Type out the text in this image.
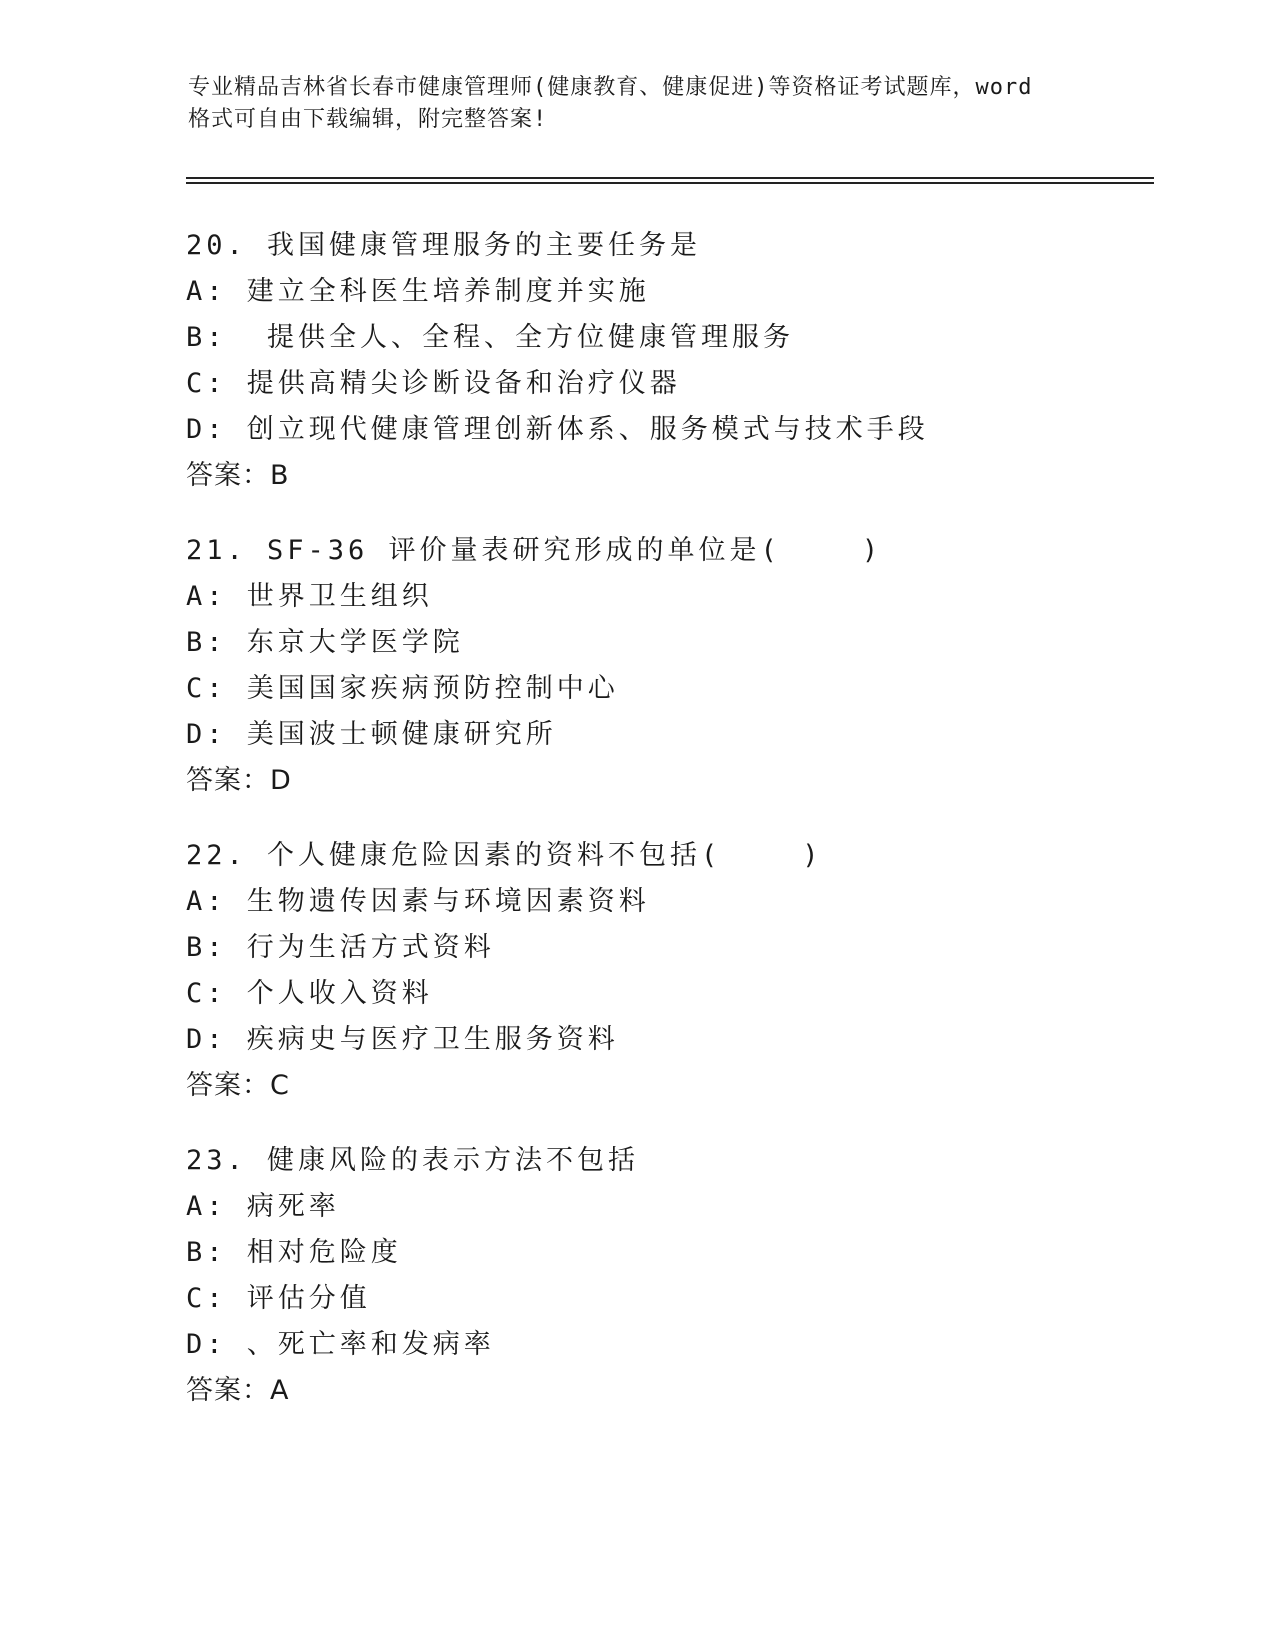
专业精品吉林省长春市健康管理师(健康教育、健康促进)等资格证考试题库，word
格式可自由下载编辑，附完整答案!
20. 我国健康管理服务的主要任务是
A: 建立全科医生培养制度并实施
B:  提供全人、全程、全方位健康管理服务
C: 提供高精尖诊断设备和治疗仪器
D: 创立现代健康管理创新体系、服务模式与技术手段
答案：B
21. SF-36 评价量表研究形成的单位是(    )
A: 世界卫生组织
B: 东京大学医学院
C: 美国国家疾病预防控制中心
D: 美国波士顿健康研究所
答案：D
22. 个人健康危险因素的资料不包括(    )
A: 生物遗传因素与环境因素资料
B: 行为生活方式资料
C: 个人收入资料
D: 疾病史与医疗卫生服务资料
答案：C
23. 健康风险的表示方法不包括
A: 病死率
B: 相对危险度
C: 评估分值
D: 、死亡率和发病率
答案：A
